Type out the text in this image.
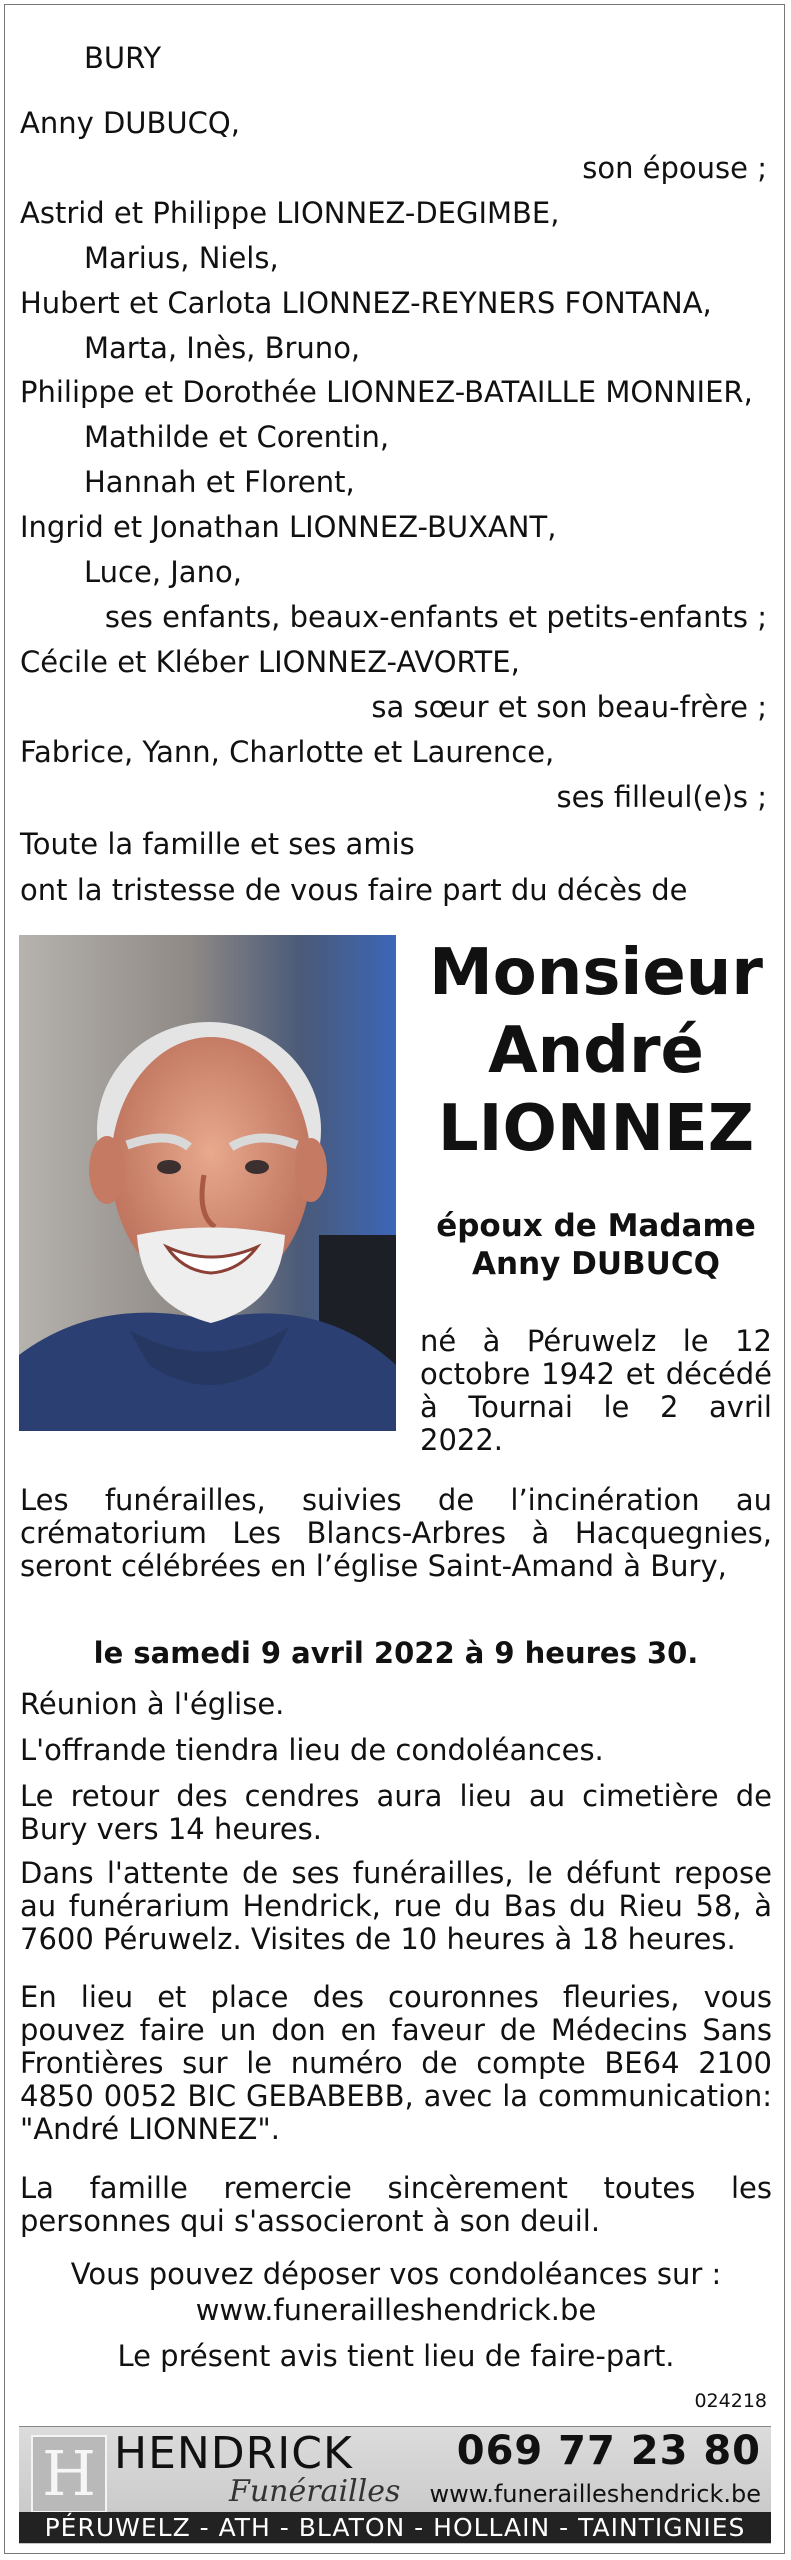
BURY
Anny DUBUCQ,
son épouse ;
Astrid et Philippe LIONNEZ-DEGIMBE,
Marius, Niels,
Hubert et Carlota LIONNEZ-REYNERS FONTANA,
Marta, Inès, Bruno,
Philippe et Dorothée LIONNEZ-BATAILLE MONNIER,
Mathilde et Corentin,
Hannah et Florent,
Ingrid et Jonathan LIONNEZ-BUXANT,
Luce, Jano,
ses enfants, beaux-enfants et petits-enfants ;
Cécile et Kléber LIONNEZ-AVORTE,
sa sœur et son beau-frère ;
Fabrice, Yann, Charlotte et Laurence,
ses filleul(e)s ;
Toute la famille et ses amis
ont la tristesse de vous faire part du décès de
Monsieur
André
LIONNEZ
époux de Madame
Anny DUBUCQ
né à Péruwelz le 12 octobre 1942 et décédé à Tournai le 2 avril 2022.
Les funérailles, suivies de l’incinération au crématorium Les Blancs-Arbres à Hacquegnies, seront célébrées en l’église Saint-Amand à Bury,
le samedi 9 avril 2022 à 9 heures 30.
Réunion à l'église.
L'offrande tiendra lieu de condoléances.
Le retour des cendres aura lieu au cimetière de Bury vers 14 heures.
Dans l'attente de ses funérailles, le défunt repose au funérarium Hendrick, rue du Bas du Rieu 58, à 7600 Péruwelz. Visites de 10 heures à 18 heures.
En lieu et place des couronnes fleuries, vous pouvez faire un don en faveur de Médecins Sans Frontières sur le numéro de compte BE64 2100 4850 0052 BIC GEBABEBB, avec la communication: "André LIONNEZ".
La famille remercie sincèrement toutes les personnes qui s'associeront à son deuil.
Vous pouvez déposer vos condoléances sur :
www.funerailleshendrick.be
Le présent avis tient lieu de faire-part.
024218
H HENDRICK
Funérailles
069 77 23 80
www.funerailleshendrick.be
PÉRUWELZ - ATH - BLATON - HOLLAIN - TAINTIGNIES
